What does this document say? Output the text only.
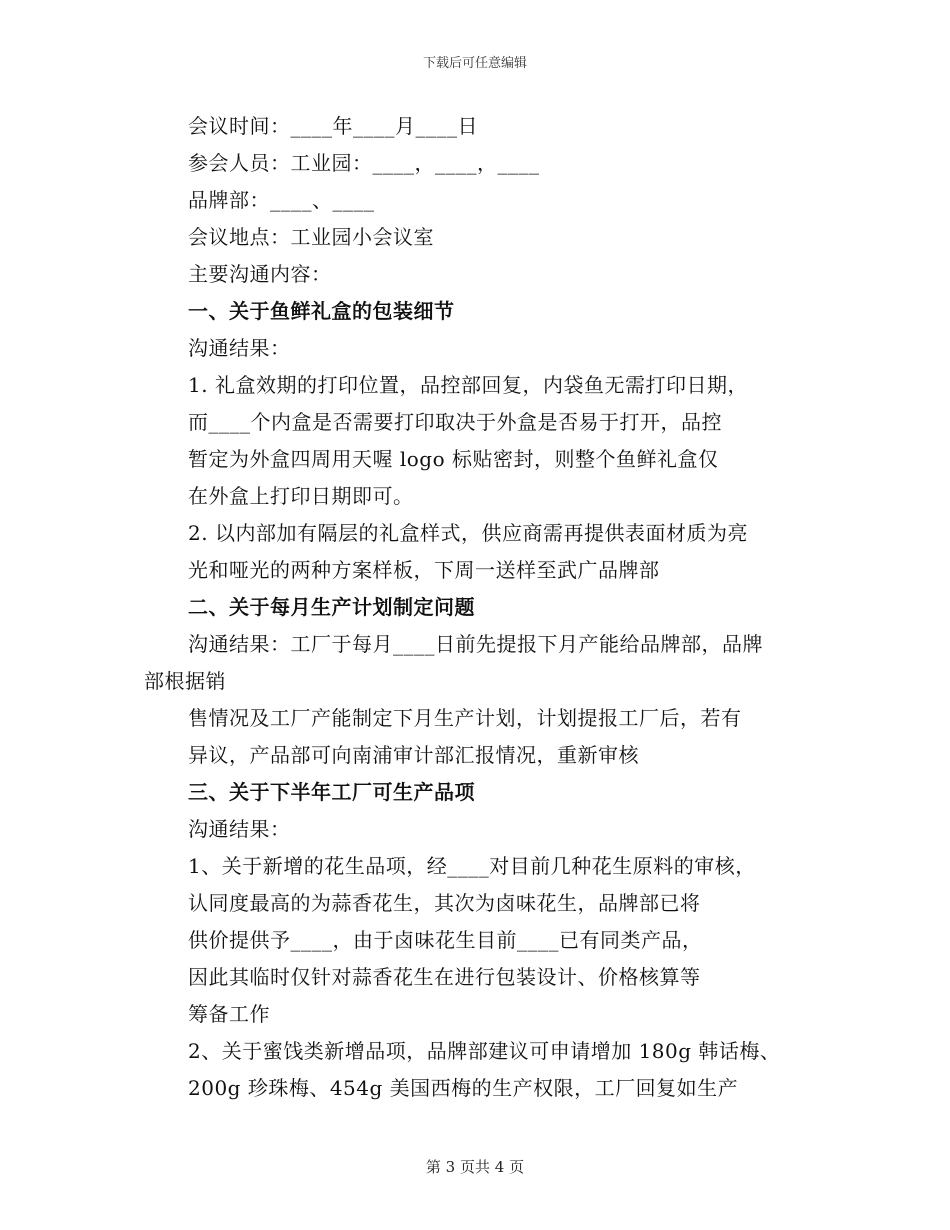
下载后可任意编辑
会议时间：____年____月____日
参会人员：工业园：____，____，____
品牌部：____、____
会议地点：工业园小会议室
主要沟通内容：
一、关于鱼鲜礼盒的包装细节
沟通结果：
1. 礼盒效期的打印位置，品控部回复，内袋鱼无需打印日期，
而____个内盒是否需要打印取决于外盒是否易于打开，品控
暂定为外盒四周用天喔 logo 标贴密封，则整个鱼鲜礼盒仅
在外盒上打印日期即可。
2. 以内部加有隔层的礼盒样式，供应商需再提供表面材质为亮
光和哑光的两种方案样板，下周一送样至武广品牌部
二、关于每月生产计划制定问题
沟通结果：工厂于每月____日前先提报下月产能给品牌部，品牌
部根据销
售情况及工厂产能制定下月生产计划，计划提报工厂后，若有
异议，产品部可向南浦审计部汇报情况，重新审核
三、关于下半年工厂可生产品项
沟通结果：
1、关于新增的花生品项，经____对目前几种花生原料的审核，
认同度最高的为蒜香花生，其次为卤味花生，品牌部已将
供价提供予____，由于卤味花生目前____已有同类产品，
因此其临时仅针对蒜香花生在进行包装设计、价格核算等
筹备工作
2、关于蜜饯类新增品项，品牌部建议可申请增加 180g 韩话梅、
200g 珍珠梅、454g 美国西梅的生产权限，工厂回复如生产
第 3 页共 4 页
